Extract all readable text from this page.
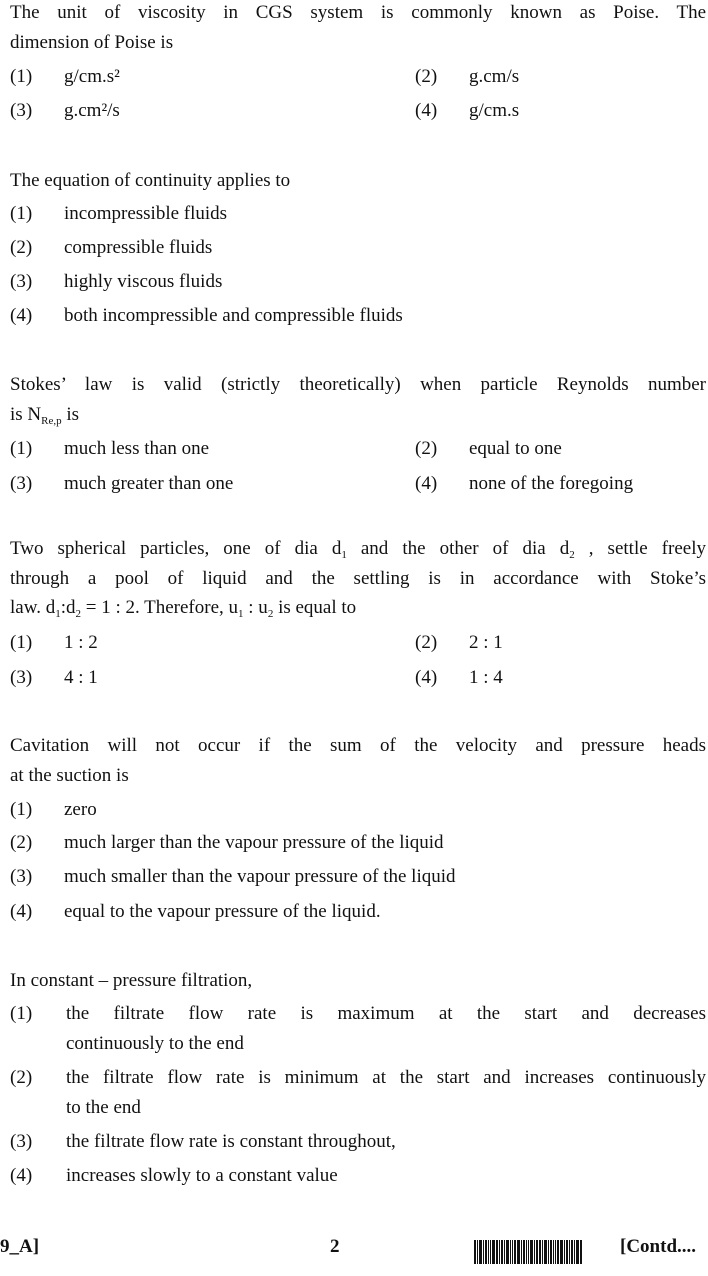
The unit of viscosity in CGS system is commonly known as Poise. The
dimension of Poise is
(1) g/cm.s²	(2) g.cm/s
(3) g.cm²/s	(4) g/cm.s
The equation of continuity applies to
(1) incompressible fluids
(2) compressible fluids
(3) highly viscous fluids
(4) both incompressible and compressible fluids
Stokes’ law is valid (strictly theoretically) when particle Reynolds number
is $N_{Re,p}$ is
(1) much less than one	(2) equal to one
(3) much greater than one	(4) none of the foregoing
Two spherical particles, one of dia $d_1$ and the other of dia $d_2$ , settle freely
through a pool of liquid and the settling is in accordance with Stoke’s
law. $d_1:d_2 = 1$ : 2. Therefore, $u_1$ : $u_2$ is equal to
(1) 1 : 2	(2) 2 : 1
(3) 4 : 1	(4) 1 : 4
Cavitation will not occur if the sum of the velocity and pressure heads
at the suction is
(1) zero
(2) much larger than the vapour pressure of the liquid
(3) much smaller than the vapour pressure of the liquid
(4) equal to the vapour pressure of the liquid.
In constant – pressure filtration,
(1) the filtrate flow rate is maximum at the start and decreases
continuously to the end
(2) the filtrate flow rate is minimum at the start and increases continuously
to the end
(3) the filtrate flow rate is constant throughout,
(4) increases slowly to a constant value
9_A]	2	[Contd....
